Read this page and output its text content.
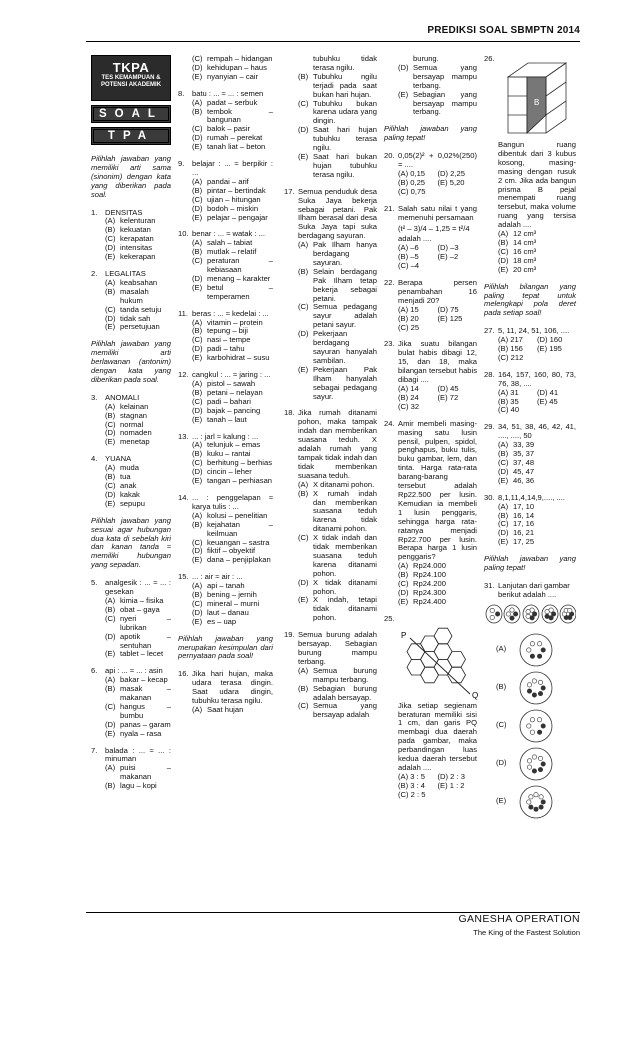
PREDIKSI SOAL SBMPTN 2014
TKPA
TES KEMAMPUAN & POTENSI AKADEMIK
SOAL
TPA
Pilihlah jawaban yang memiliki arti sama (sinonim) dengan kata yang diberikan pada soal.
1.	DENSITAS
(A) kelenturan
(B) kekuatan
(C) kerapatan
(D) intensitas
(E) kekerapan
2.	LEGALITAS
(A) keabsahan
(B) masalah hukum
(C) tanda setuju
(D) tidak sah
(E) persetujuan
Pilihlah jawaban yang memiliki arti berlawanan (antonim) dengan kata yang diberikan pada soal.
3.	ANOMALI
(A) kelainan
(B) stagnan
(C) normal
(D) nomaden
(E) menetap
4.	YUANA
(A) muda
(B) tua
(C) anak
(D) kakak
(E) sepupu
Pilihlah jawaban yang sesuai agar hubungan dua kata di sebelah kiri dan kanan tanda ≈ memiliki hubungan yang sepadan.
5.	analgesik : ... ≈ ... : gesekan
(A) kimia – fisika
(B) obat – gaya
(C) nyeri – lubrikan
(D) apotik – sentuhan
(E) tablet – lecet
6.	api : ... ≈ ... : asin
(A) bakar – kecap
(B) masak – makanan
(C) hangus – bumbu
(D) panas – garam
(E) nyala – rasa
7.	balada : ... ≈ ... : minuman
(A) puisi – makanan
(B) lagu – kopi
(C) rempah – hidangan
(D) kehidupan – haus
(E) nyanyian – cair
8.	batu : ... ≈ ... : semen
(A) padat – serbuk
(B) tembok – bangunan
(C) balok – pasir
(D) rumah – perekat
(E) tanah liat – beton
9.	belajar : ... ≈ berpikir : ...
(A) pandai – arif
(B) pintar – bertindak
(C) ujian – hitungan
(D) bodoh – miskin
(E) pelajar – pengajar
10. benar : ... ≈ watak : ...
(A) salah – tabiat
(B) mutlak – relatif
(C) peraturan – kebiasaan
(D) menang – karakter
(E) betul – temperamen
11. beras : ... ≈ kedelai : ...
(A) vitamin – protein
(B) tepung – biji
(C) nasi – tempe
(D) padi – tahu
(E) karbohidrat – susu
12. cangkul : ... ≈ jaring : ...
(A) pistol – sawah
(B) petani – nelayan
(C) padi – bahari
(D) bajak – pancing
(E) tanah – laut
13. ... : jarl ≈ kalung : ...
(A) telunjuk – emas
(B) kuku – rantai
(C) berhitung – berhias
(D) cincin – leher
(E) tangan – perhiasan
14. ... : penggelapan ≈ karya tulis : ...
(A) kolusi – penelitian
(B) kejahatan – keilmuan
(C) keuangan – sastra
(D) fiktif – obyektif
(E) dana – penjiplakan
15. ... : air ≈ air : ...
(A) api – tanah
(B) bening – jernih
(C) mineral – murni
(D) laut – danau
(E) es – uap
Pilihlah jawaban yang merupakan kesimpulan dari pernyataan pada soal!
16. Jika hari hujan, maka udara terasa dingin. Saat udara dingin, tubuhku terasa ngilu.
(A) Saat hujan
tubuhku tidak terasa ngilu.
(B) Tubuhku ngilu terjadi pada saat bukan hari hujan.
(C) Tubuhku bukan karena udara yang dingin.
(D) Saat hari hujan tubuhku terasa ngilu.
(E) Saat hari bukan hujan tubuhku terasa ngilu.
17. Semua penduduk desa Suka Jaya bekerja sebagai petani. Pak Ilham berasal dari desa Suka Jaya tapi suka berdagang sayuran.
(A) Pak Ilham hanya berdagang sayuran.
(B) Selain berdagang Pak Ilham tetap bekerja sebagai petani.
(C) Semua pedagang sayur adalah petani sayur.
(D) Pekerjaan berdagang sayuran hanyalah sambilan.
(E) Pekerjaan Pak Ilham hanyalah sebagai pedagang sayur.
18. Jika rumah ditanami pohon, maka tampak indah dan memberikan suasana teduh. X adalah rumah yang tampak tidak indah dan tidak memberikan suasana teduh.
(A) X ditanami pohon.
(B) X rumah indah dan memberikan suasana teduh karena tidak ditanami pohon.
(C) X tidak indah dan tidak memberikan suasana teduh karena ditanami pohon.
(D) X tidak ditanami pohon.
(E) X indah, tetapi tidak ditanami pohon.
19. Semua burung adalah bersayap. Sebagian burung mampu terbang.
(A) Semua burung mampu terbang.
(B) Sebagian burung adalah bersayap.
(C) Semua yang bersayap adalah
burung.
(D) Semua yang bersayap mampu terbang.
(E) Sebagian yang bersayap mampu terbang.
Pilihlah jawaban yang paling tepat!
20. 0,05(2)² + 0,02%(250) = ....
(A) 0,15	(D) 2,25
(B) 0,25	(E) 5,20
(C) 0,75
21. Salah satu nilai t yang memenuhi persamaan
(t² – 3)/4 – 1,25 = t²/4
adalah ....
(A) –6	(D) –3
(B) –5	(E) –2
(C) –4
22. Berapa persen penambahan 16 menjadi 20?
(A) 15	(D) 75
(B) 20	(E) 125
(C) 25
23. Jika suatu bilangan bulat habis dibagi 12, 15, dan 18, maka bilangan tersebut habis dibagi ....
(A) 14	(D) 45
(B) 24	(E) 72
(C) 32
24. Amir membeli masing-masing satu lusin pensil, pulpen, spidol, penghapus, buku tulis, buku gambar, lem, dan tinta. Harga rata-rata barang-barang tersebut adalah Rp22.500 per lusin. Kemudian ia membeli 1 lusin penggaris, sehingga harga rata-ratanya menjadi Rp22.700 per lusin. Berapa harga 1 lusin penggaris?
(A) Rp24.000
(B) Rp24.100
(C) Rp24.200
(D) Rp24.300
(E) Rp24.400
25.
P
Q
Jika setiap segienam beraturan memiliki sisi 1 cm, dan garis PQ membagi dua daerah pada gambar, maka perbandingan luas kedua daerah tersebut adalah ....
(A) 3 : 5	(D) 2 : 3
(B) 3 : 4	(E) 1 : 2
(C) 2 : 5
26.
B
Bangun ruang dibentuk dari 3 kubus kosong, masing-masing dengan rusuk 2 cm. Jika ada bangun prisma B pejal menempati ruang tersebut, maka volume ruang yang tersisa adalah ....
(A) 12 cm³
(B) 14 cm³
(C) 16 cm³
(D) 18 cm³
(E) 20 cm³
Pilihlah bilangan yang paling tepat untuk melengkapi pola deret pada setiap soal!
27. 5, 11, 24, 51, 106, ....
(A) 217	(D) 160
(B) 156	(E) 195
(C) 212
28. 164, 157, 160, 80, 73, 76, 38, ....
(A) 31	(D) 41
(B) 35	(E) 45
(C) 40
29. 34, 51, 38, 46, 42, 41, ...., ...., 50
(A) 33, 39
(B) 35, 37
(C) 37, 48
(D) 45, 47
(E) 46, 36
30. 8,1,11,4,14,9,...., ....
(A) 17, 10
(B) 16, 14
(C) 17, 16
(D) 16, 21
(E) 17, 25
Pilihlah jawaban yang paling tepat!
31. Lanjutan dari gambar berikut adalah ....
(A)
(B)
(C)
(D)
(E)
GANESHA OPERATION
The King of the Fastest Solution
